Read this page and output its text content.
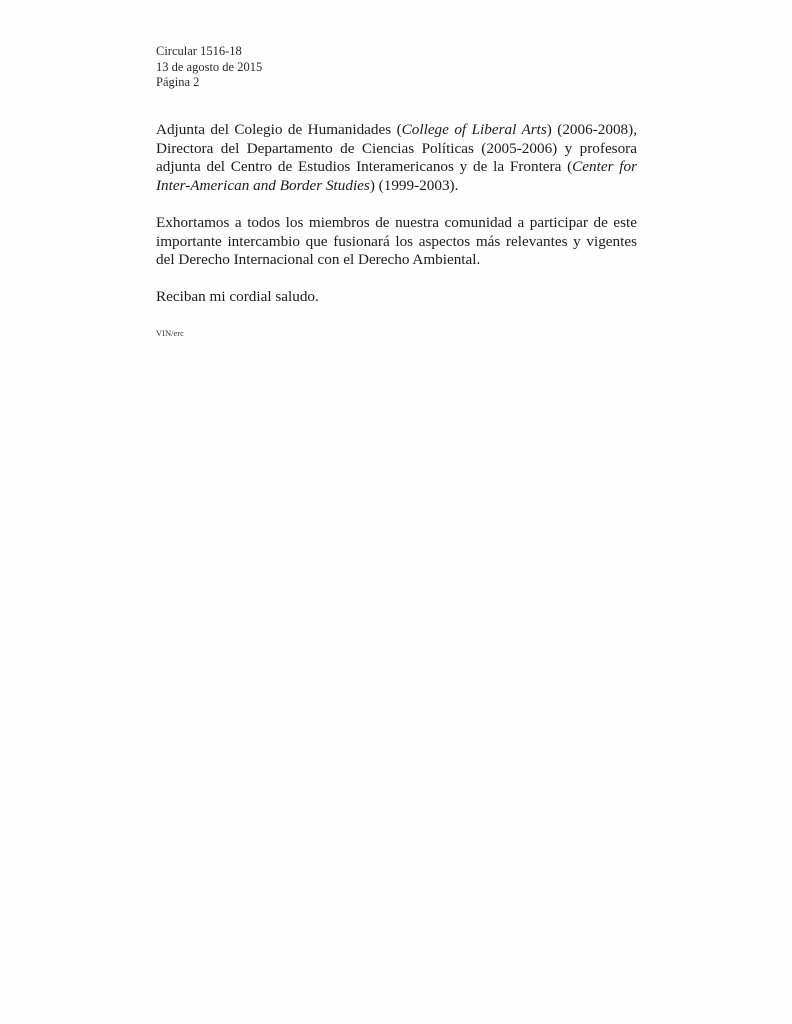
Circular 1516-18
13 de agosto de 2015
Página 2

Adjunta del Colegio de Humanidades (College of Liberal Arts) (2006-2008), Directora del Departamento de Ciencias Políticas (2005-2006) y profesora adjunta del Centro de Estudios Interamericanos y de la Frontera (Center for Inter-American and Border Studies) (1999-2003).

Exhortamos a todos los miembros de nuestra comunidad a participar de este importante intercambio que fusionará los aspectos más relevantes y vigentes del Derecho Internacional con el Derecho Ambiental.

Reciban mi cordial saludo.

VIN/erc
